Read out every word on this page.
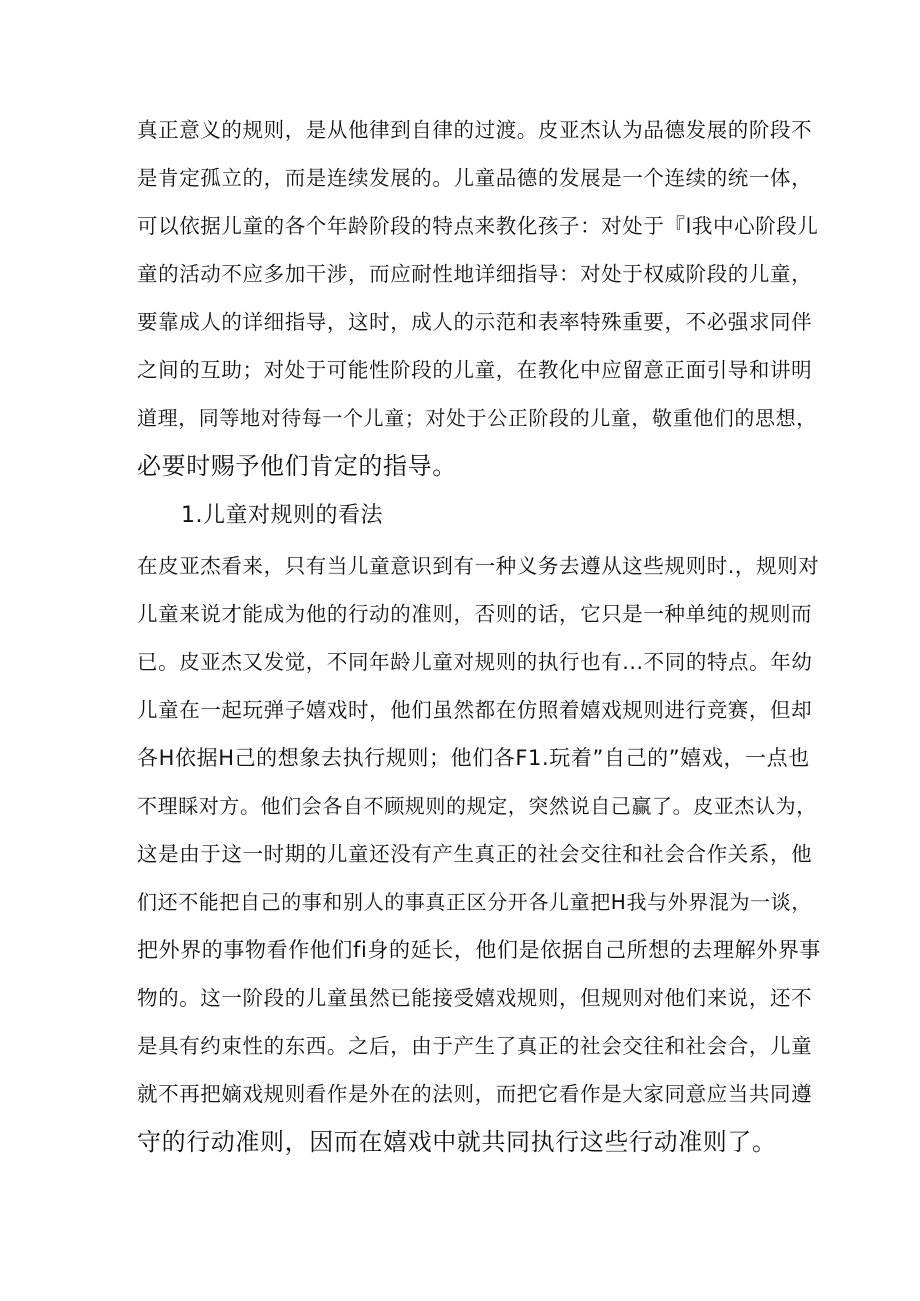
真正意义的规则，是从他律到自律的过渡。皮亚杰认为品德发展的阶段不
是肯定孤立的，而是连续发展的。儿童品德的发展是一个连续的统一体，
可以依据儿童的各个年龄阶段的特点来教化孩子：对处于『l我中心阶段儿
童的活动不应多加干涉，而应耐性地详细指导：对处于权威阶段的儿童，
要靠成人的详细指导，这时，成人的示范和表率特殊重要，不必强求同伴
之间的互助；对处于可能性阶段的儿童，在教化中应留意正面引导和讲明
道理，同等地对待每一个儿童；对处于公正阶段的儿童，敬重他们的思想，
必要时赐予他们肯定的指导。
1.儿童对规则的看法
在皮亚杰看来，只有当儿童意识到有一种义务去遵从这些规则时.，规则对
儿童来说才能成为他的行动的准则，否则的话，它只是一种单纯的规则而
已。皮亚杰又发觉，不同年龄儿童对规则的执行也有...不同的特点。年幼
儿童在一起玩弹子嬉戏时，他们虽然都在仿照着嬉戏规则进行竞赛，但却
各H依据H己的想象去执行规则；他们各F1.玩着”自己的”嬉戏，一点也
不理睬对方。他们会各自不顾规则的规定，突然说自己赢了。皮亚杰认为，
这是由于这一时期的儿童还没有产生真正的社会交往和社会合作关系，他
们还不能把自己的事和别人的事真正区分开各儿童把H我与外界混为一谈，
把外界的事物看作他们fi身的延长，他们是依据自己所想的去理解外界事
物的。这一阶段的儿童虽然已能接受嬉戏规则，但规则对他们来说，还不
是具有约束性的东西。之后，由于产生了真正的社会交往和社会合，儿童
就不再把嫡戏规则看作是外在的法则，而把它看作是大家同意应当共同遵
守的行动准则，因而在嬉戏中就共同执行这些行动准则了。
